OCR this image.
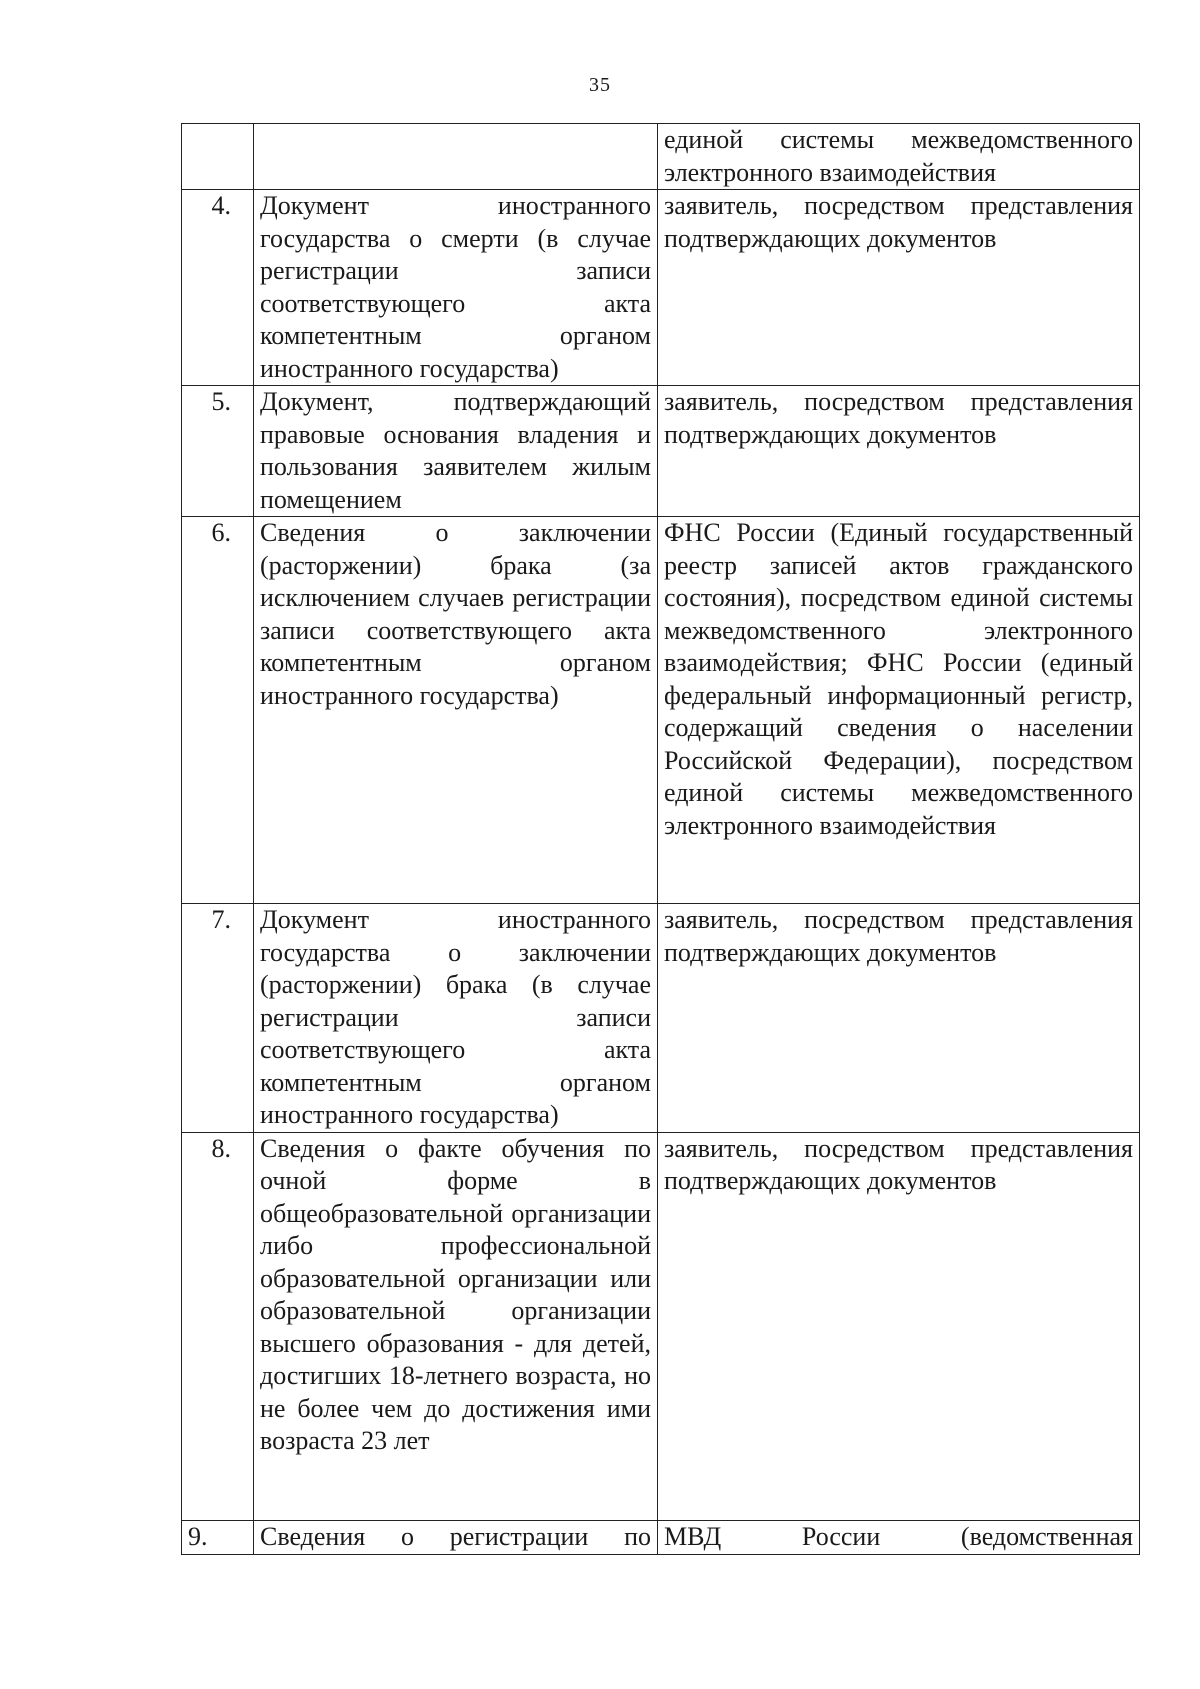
35
		единой системы межведомственного электронного взаимодействия
4.	Документ иностранного государства о смерти (в случае регистрации записи соответствующего акта компетентным органом иностранного государства)	заявитель, посредством представления подтверждающих документов
5.	Документ, подтверждающий правовые основания владения и пользования заявителем жилым помещением	заявитель, посредством представления подтверждающих документов
6.	Сведения о заключении (расторжении) брака (за исключением случаев регистрации записи соответствующего акта компетентным органом иностранного государства)	ФНС России (Единый государственный реестр записей актов гражданского состояния), посредством единой системы межведомственного электронного взаимодействия; ФНС России (единый федеральный информационный регистр, содержащий сведения о населении Российской Федерации), посредством единой системы межведомственного электронного взаимодействия
7.	Документ иностранного государства о заключении (расторжении) брака (в случае регистрации записи соответствующего акта компетентным органом иностранного государства)	заявитель, посредством представления подтверждающих документов
8.	Сведения о факте обучения по очной форме в общеобразовательной организации либо профессиональной образовательной организации или образовательной организации высшего образования - для детей, достигших 18-летнего возраста, но не более чем до достижения ими возраста 23 лет	заявитель, посредством представления подтверждающих документов
9.	Сведения о регистрации по	МВД России (ведомственная
